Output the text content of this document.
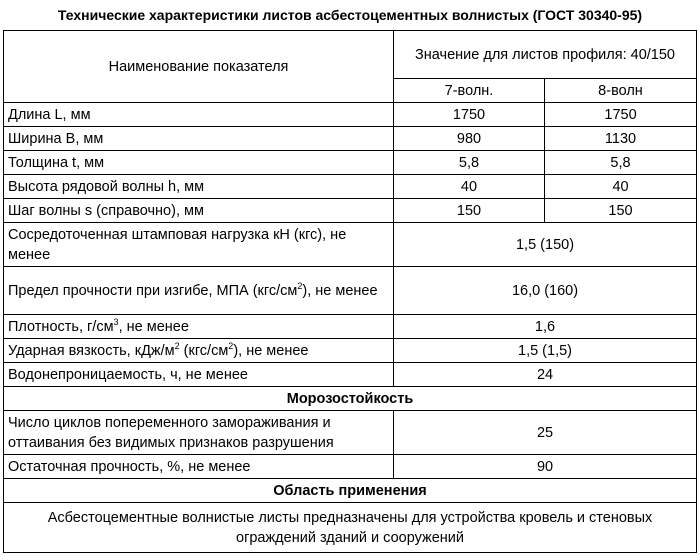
Технические характеристики листов асбестоцементных волнистых (ГОСТ 30340-95)
Наименование показателя	Значение для листов профиля: 40/150	
	7-волн.	8-волн
Длина L, мм	1750	1750
Ширина B, мм	980	1130
Толщина t, мм	5,8	5,8
Высота рядовой волны h, мм	40	40
Шаг волны s (справочно), мм	150	150
Сосредоточенная штамповая нагрузка кН (кгс), не менее	1,5 (150)	
Предел прочности при изгибе, МПА $(кгс/см^2)$, не менее	16,0 (160)	
Плотность, $г/см^3$, не менее	1,6	
Ударная вязкость, кДж/$м^2$ $(кгс/см^2)$, не менее	1,5 (1,5)	
Водонепроницаемость, ч, не менее	24	
Морозостойкость		
Число циклов попеременного замораживания и оттаивания без видимых признаков разрушения	25	
Остаточная прочность, %, не менее	90	
Область применения		
Асбестоцементные волнистые листы предназначены для устройства кровель и стеновых ограждений зданий и сооружений		
